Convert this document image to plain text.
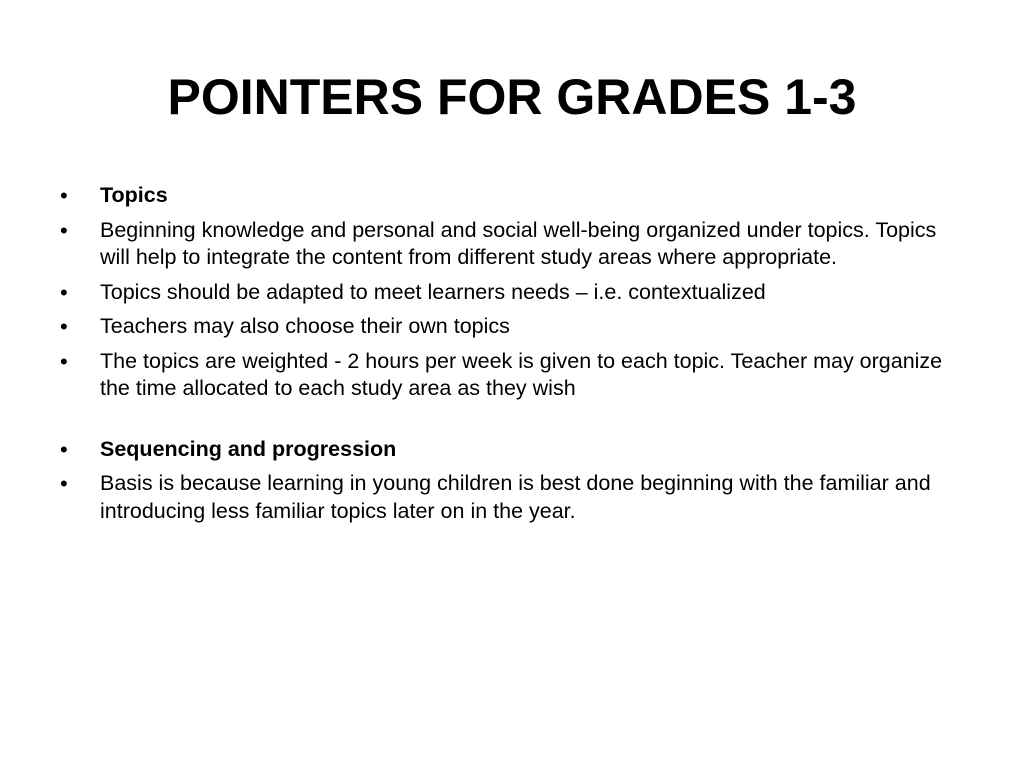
POINTERS FOR GRADES 1-3
•	Topics
•	Beginning knowledge and personal and social well-being organized under topics. Topics will help to integrate the content from different study areas where appropriate.
•	Topics should be adapted to meet learners needs – i.e. contextualized
•	Teachers may also choose their own topics
•	The topics are weighted - 2 hours per week is given to each topic. Teacher may organize the time allocated to each study area as they wish
•	Sequencing and progression
•	Basis is because learning in young children is best done beginning with the familiar and introducing less familiar topics later on in the year.
